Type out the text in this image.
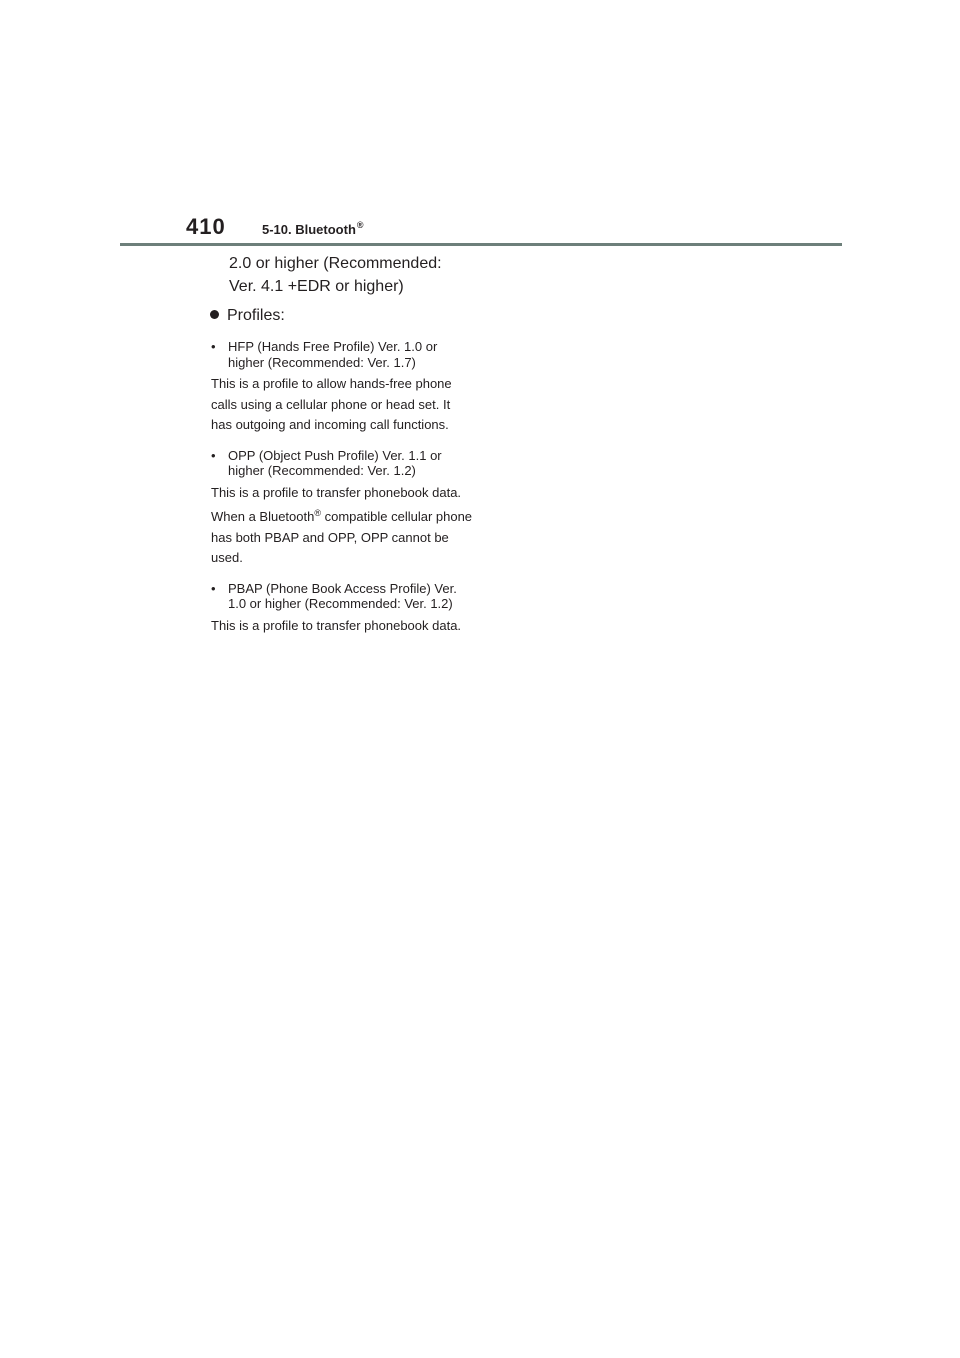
410	5-10. Bluetooth®

2.0 or higher (Recommended:
Ver. 4.1 +EDR or higher)

Profiles:

• HFP (Hands Free Profile) Ver. 1.0 or higher (Recommended: Ver. 1.7)

This is a profile to allow hands-free phone calls using a cellular phone or head set. It has outgoing and incoming call functions.

• OPP (Object Push Profile) Ver. 1.1 or higher (Recommended: Ver. 1.2)

This is a profile to transfer phonebook data. When a Bluetooth® compatible cellular phone has both PBAP and OPP, OPP cannot be used.

• PBAP (Phone Book Access Profile) Ver. 1.0 or higher (Recommended: Ver. 1.2)

This is a profile to transfer phonebook data.
